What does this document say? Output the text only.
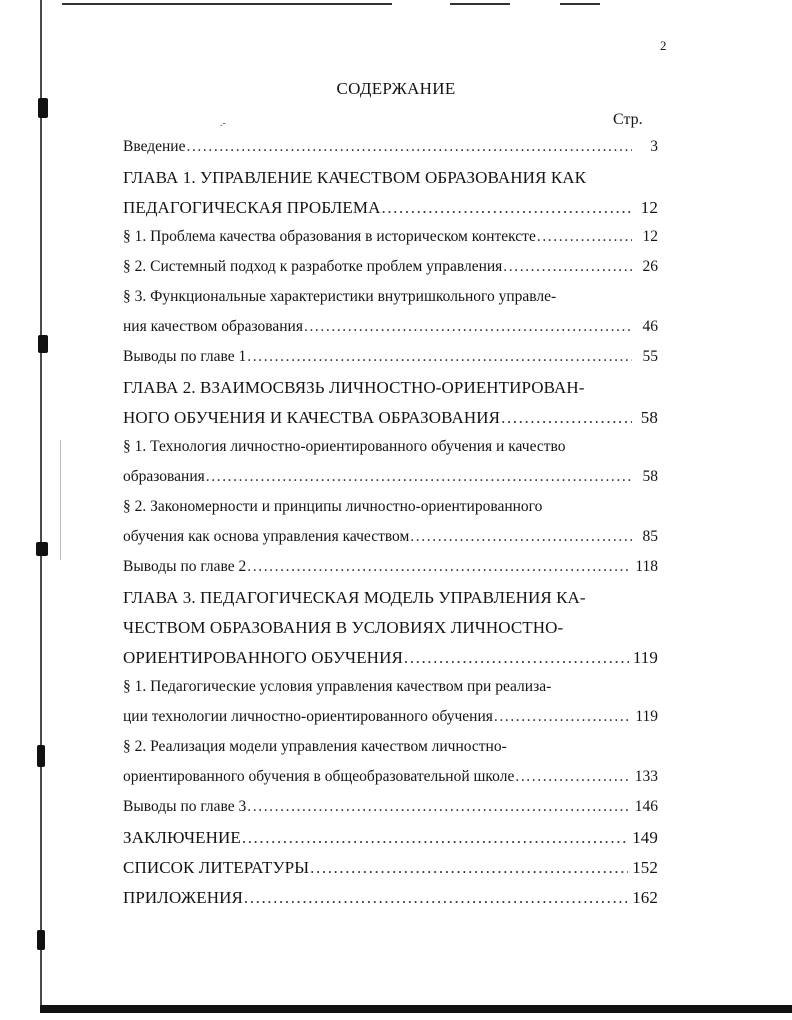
2
СОДЕРЖАНИЕ
Стр.
.-
Введение .....	3
ГЛАВА 1. УПРАВЛЕНИЕ КАЧЕСТВОМ ОБРАЗОВАНИЯ КАК
ПЕДАГОГИЧЕСКАЯ ПРОБЛЕМА .....	12
§ 1. Проблема качества образования в историческом контексте .....	12
§ 2. Системный подход к разработке проблем управления .....	26
§ 3. Функциональные характеристики внутришкольного управле-
ния качеством образования .....	46
Выводы по главе 1 .....	55
ГЛАВА 2. ВЗАИМОСВЯЗЬ ЛИЧНОСТНО-ОРИЕНТИРОВАН-
НОГО ОБУЧЕНИЯ И КАЧЕСТВА ОБРАЗОВАНИЯ .....	58
§ 1. Технология личностно-ориентированного обучения и качество
образования .....	58
§ 2. Закономерности и принципы личностно-ориентированного
обучения как основа управления качеством .....	85
Выводы по главе 2 .....	118
ГЛАВА 3. ПЕДАГОГИЧЕСКАЯ МОДЕЛЬ УПРАВЛЕНИЯ КА-
ЧЕСТВОМ ОБРАЗОВАНИЯ В УСЛОВИЯХ ЛИЧНОСТНО-
ОРИЕНТИРОВАННОГО ОБУЧЕНИЯ .....	119
§ 1. Педагогические условия управления качеством при реализа-
ции технологии личностно-ориентированного обучения .....	119
§ 2. Реализация модели управления качеством личностно-
ориентированного обучения в общеобразовательной школе .....	133
Выводы по главе 3 .....	146
ЗАКЛЮЧЕНИЕ .....	149
СПИСОК ЛИТЕРАТУРЫ .....	152
ПРИЛОЖЕНИЯ .....	162
